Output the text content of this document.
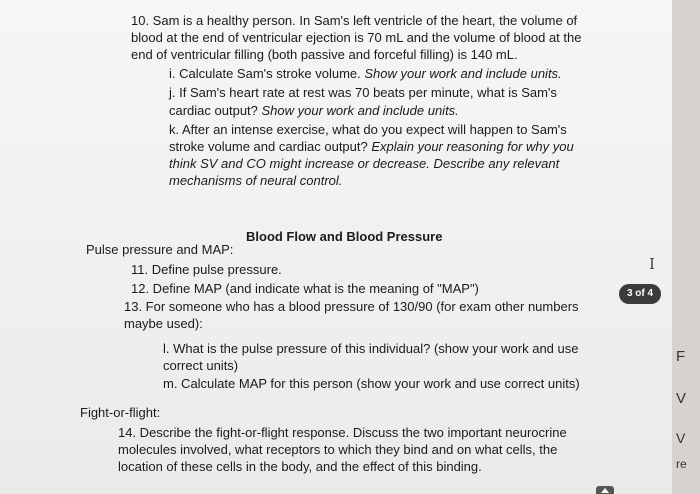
10. Sam is a healthy person. In Sam's left ventricle of the heart, the volume of

blood at the end of ventricular ejection is 70 mL and the volume of blood at the

end of ventricular filling (both passive and forceful filling) is 140 mL.

i. Calculate Sam's stroke volume. Show your work and include units.

j. If Sam's heart rate at rest was 70 beats per minute, what is Sam's

cardiac output? Show your work and include units.

k. After an intense exercise, what do you expect will happen to Sam's

stroke volume and cardiac output? Explain your reasoning for why you

think SV and CO might increase or decrease. Describe any relevant

mechanisms of neural control.

Blood Flow and Blood Pressure

Pulse pressure and MAP:

11. Define pulse pressure.

12. Define MAP (and indicate what is the meaning of "MAP")

13. For someone who has a blood pressure of 130/90 (for exam other numbers

maybe used):

l. What is the pulse pressure of this individual? (show your work and use

correct units)

m. Calculate MAP for this person (show your work and use correct units)

Fight-or-flight:

14. Describe the fight-or-flight response. Discuss the two important neurocrine

molecules involved, what receptors to which they bind and on what cells, the

location of these cells in the body, and the effect of this binding.

I
3 of 4
F
V
V
re
